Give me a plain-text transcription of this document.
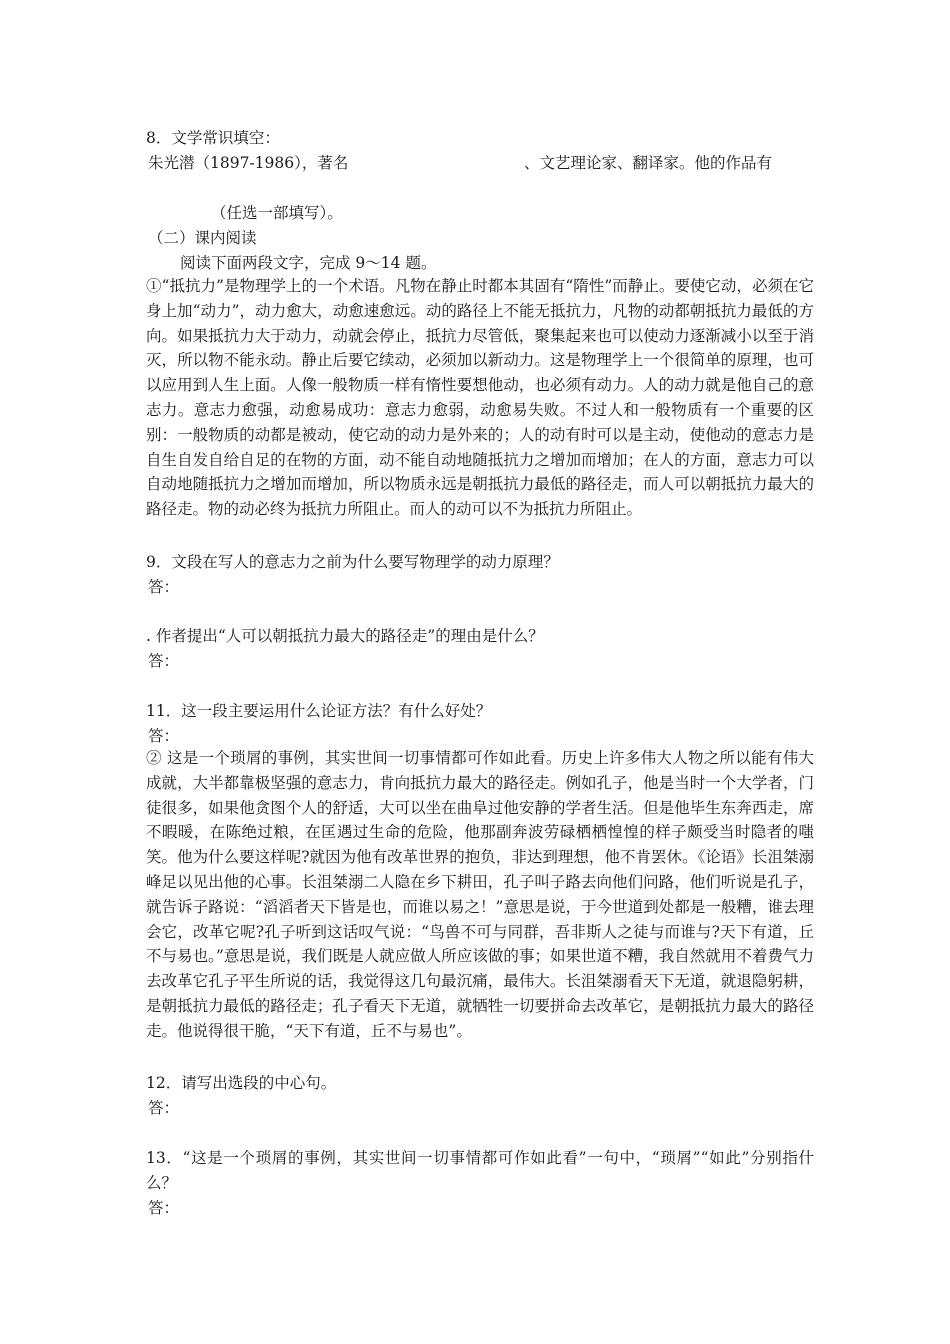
8．文学常识填空：
朱光潜（1897-1986），著名	、文艺理论家、翻译家。他的作品有
（任选一部填写）。
（二）课内阅读
阅读下面两段文字，完成 9～14 题。

①“抵抗力”是物理学上的一个术语。凡物在静止时都本其固有“隋性”而静止。要使它动，必须在它身上加“动力”，动力愈大，动愈速愈远。动的路径上不能无抵抗力，凡物的动都朝抵抗力最低的方向。如果抵抗力大于动力，动就会停止，抵抗力尽管低，聚集起来也可以使动力逐渐减小以至于消灭，所以物不能永动。静止后要它续动，必须加以新动力。这是物理学上一个很简单的原理，也可以应用到人生上面。人像一般物质一样有惰性要想他动，也必须有动力。人的动力就是他自己的意志力。意志力愈强，动愈易成功：意志力愈弱，动愈易失败。不过人和一般物质有一个重要的区别：一般物质的动都是被动，使它动的动力是外来的；人的动有时可以是主动，使他动的意志力是自生自发自给自足的在物的方面，动不能自动地随抵抗力之增加而增加；在人的方面，意志力可以自动地随抵抗力之增加而增加，所以物质永远是朝抵抗力最低的路径走，而人可以朝抵抗力最大的路径走。物的动必终为抵抗力所阻止。而人的动可以不为抵抗力所阻止。

9．文段在写人的意志力之前为什么要写物理学的动力原理？
答：
. 作者提出“人可以朝抵抗力最大的路径走”的理由是什么？
答：
11．这一段主要运用什么论证方法？有什么好处？
答：

② 这是一个琐屑的事例，其实世间一切事情都可作如此看。历史上许多伟大人物之所以能有伟大成就，大半都靠极坚强的意志力，肯向抵抗力最大的路径走。例如孔子，他是当时一个大学者，门徒很多，如果他贪图个人的舒适，大可以坐在曲阜过他安静的学者生活。但是他毕生东奔西走，席不暇暖，在陈绝过粮，在匡遇过生命的危险，他那副奔波劳碌栖栖惶惶的样子颇受当时隐者的嗤笑。他为什么要这样呢?就因为他有改革世界的抱负，非达到理想，他不肯罢休。《论语》长沮桀溺峰足以见出他的心事。长沮桀溺二人隐在乡下耕田，孔子叫子路去向他们问路，他们听说是孔子，就告诉子路说：“滔滔者天下皆是也，而谁以易之！”意思是说，于今世道到处都是一般糟，谁去理会它，改革它呢?孔子听到这话叹气说：“鸟兽不可与同群，吾非斯人之徒与而谁与?天下有道，丘不与易也。”意思是说，我们既是人就应做人所应该做的事；如果世道不糟，我自然就用不着费气力去改革它孔子平生所说的话，我觉得这几句最沉痛，最伟大。长沮桀溺看天下无道，就退隐躬耕，是朝抵抗力最低的路径走；孔子看天下无道，就牺牲一切要拼命去改革它，是朝抵抗力最大的路径走。他说得很干脆，“天下有道，丘不与易也”。

12．请写出选段的中心句。
答：

13．“这是一个琐屑的事例，其实世间一切事情都可作如此看”一句中，“琐屑”“如此”分别指什么？

答：
